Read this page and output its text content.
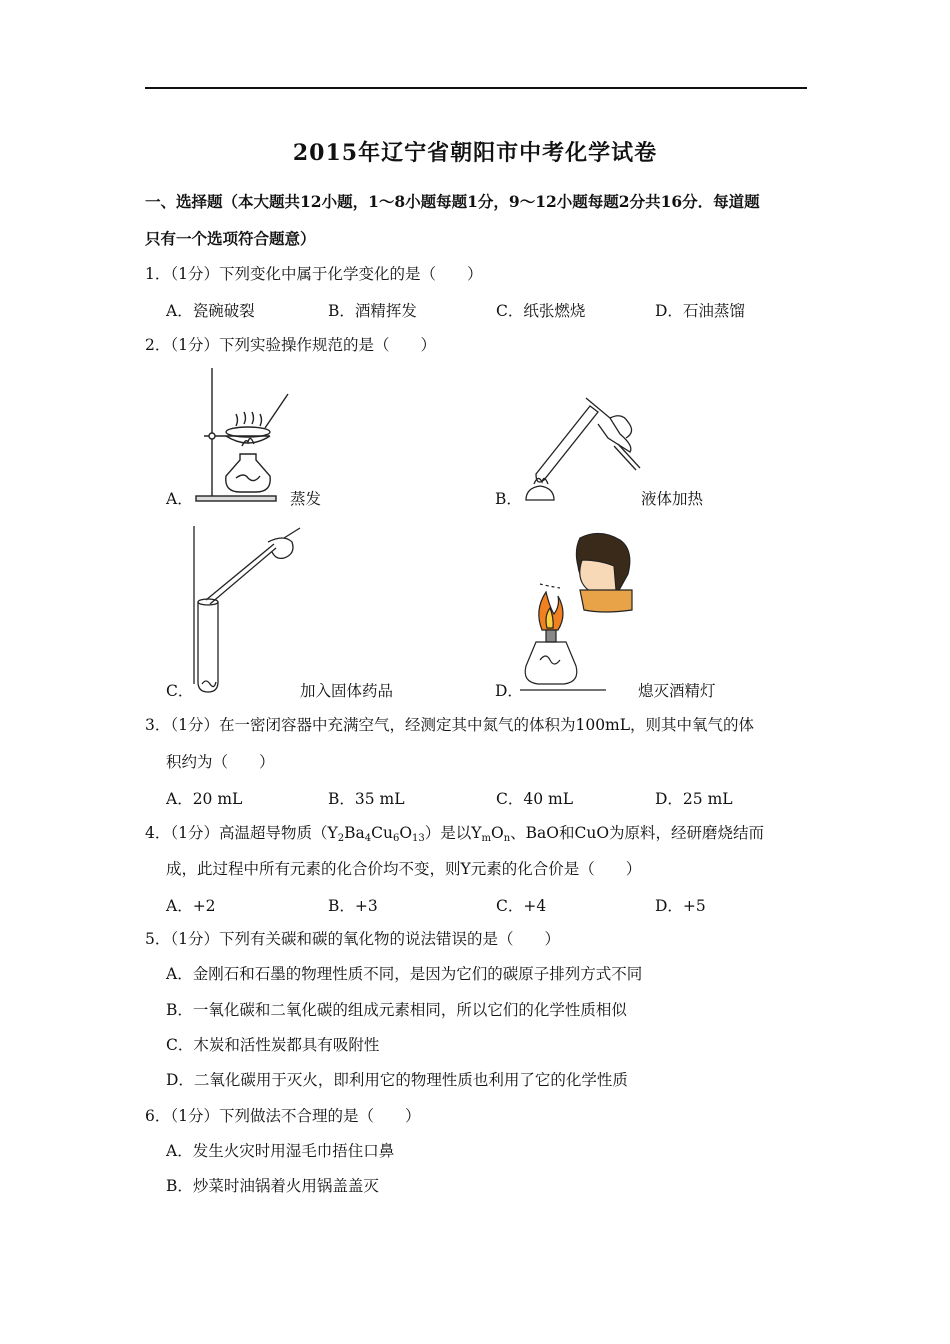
2015年辽宁省朝阳市中考化学试卷
一、选择题（本大题共12小题，1～8小题每题1分，9～12小题每题2分共16分．每道题
只有一个选项符合题意）
1．（1分）下列变化中属于化学变化的是（　　）
A．瓷碗破裂	B．酒精挥发	C．纸张燃烧	D．石油蒸馏
2．（1分）下列实验操作规范的是（　　）
A．	蒸发	B．	液体加热
C．	加入固体药品	D．	熄灭酒精灯
3．（1分）在一密闭容器中充满空气，经测定其中氮气的体积为100mL，则其中氧气的体
积约为（　　）
A．20 mL	B．35 mL	C．40 mL	D．25 mL
4．（1分）高温超导物质$(Y_2Ba_4Cu_6O_{13})$是以$Y_mO_n$、BaO和CuO为原料，经研磨烧结而
成，此过程中所有元素的化合价均不变，则Y元素的化合价是（　　）
A．+2	B．+3	C．+4	D．+5
5．（1分）下列有关碳和碳的氧化物的说法错误的是（　　）
A．金刚石和石墨的物理性质不同，是因为它们的碳原子排列方式不同
B．一氧化碳和二氧化碳的组成元素相同，所以它们的化学性质相似
C．木炭和活性炭都具有吸附性
D．二氧化碳用于灭火，即利用它的物理性质也利用了它的化学性质
6．（1分）下列做法不合理的是（　　）
A．发生火灾时用湿毛巾捂住口鼻
B．炒菜时油锅着火用锅盖盖灭
